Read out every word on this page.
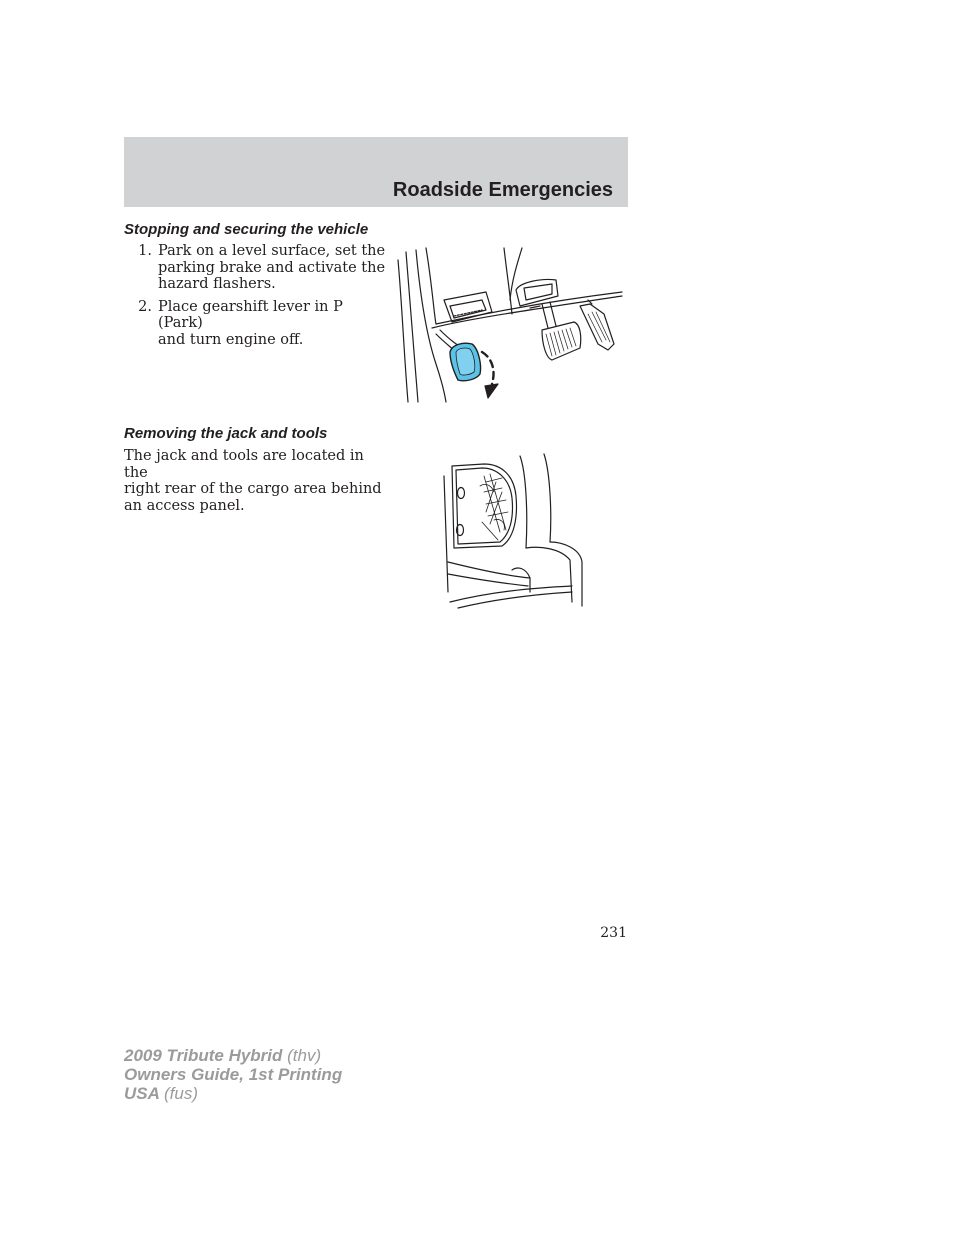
Roadside Emergencies
Stopping and securing the vehicle
1. Park on a level surface, set the
parking brake and activate the
hazard flashers.
2. Place gearshift lever in P (Park)
and turn engine off.
Removing the jack and tools

The jack and tools are located in the
right rear of the cargo area behind
an access panel.

231
2009 Tribute Hybrid (thv)
Owners Guide, 1st Printing
USA (fus)
